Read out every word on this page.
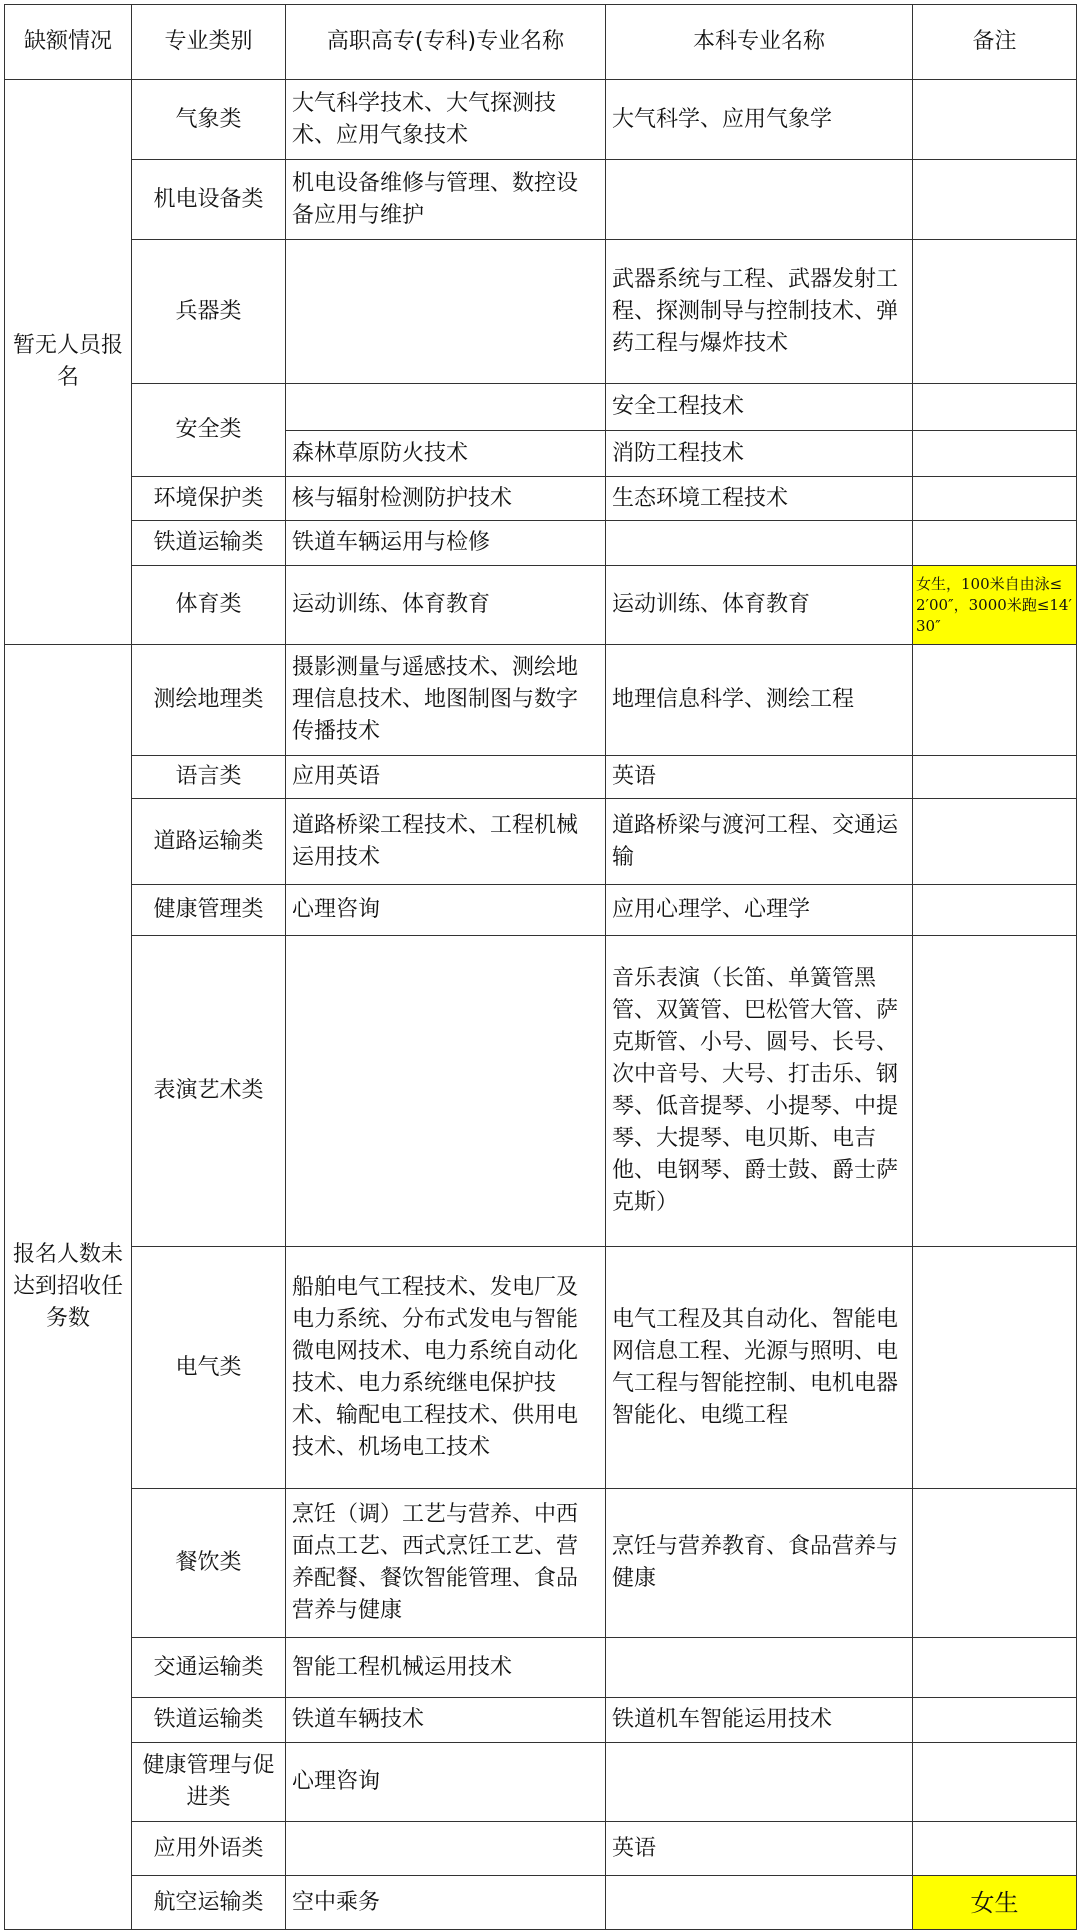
缺额情况	专业类别	高职高专(专科)专业名称	本科专业名称	备注
暂无人员报名	气象类	大气科学技术、大气探测技术、应用气象技术	大气科学、应用气象学	
	机电设备类	机电设备维修与管理、数控设备应用与维护		
	兵器类		武器系统与工程、武器发射工程、探测制导与控制技术、弹药工程与爆炸技术	
	安全类		安全工程技术	
		森林草原防火技术	消防工程技术	
	环境保护类	核与辐射检测防护技术	生态环境工程技术	
	铁道运输类	铁道车辆运用与检修		
	体育类	运动训练、体育教育	运动训练、体育教育	女生，100米自由泳≤2′00″，3000米跑≤14′30″
报名人数未达到招收任务数	测绘地理类	摄影测量与遥感技术、测绘地理信息技术、地图制图与数字传播技术	地理信息科学、测绘工程	
	语言类	应用英语	英语	
	道路运输类	道路桥梁工程技术、工程机械运用技术	道路桥梁与渡河工程、交通运输	
	健康管理类	心理咨询	应用心理学、心理学	
	表演艺术类		音乐表演（长笛、单簧管黑管、双簧管、巴松管大管、萨克斯管、小号、圆号、长号、次中音号、大号、打击乐、钢琴、低音提琴、小提琴、中提琴、大提琴、电贝斯、电吉他、电钢琴、爵士鼓、爵士萨克斯）	
	电气类	船舶电气工程技术、发电厂及电力系统、分布式发电与智能微电网技术、电力系统自动化技术、电力系统继电保护技术、输配电工程技术、供用电技术、机场电工技术	电气工程及其自动化、智能电网信息工程、光源与照明、电气工程与智能控制、电机电器智能化、电缆工程	
	餐饮类	烹饪（调）工艺与营养、中西面点工艺、西式烹饪工艺、营养配餐、餐饮智能管理、食品营养与健康	烹饪与营养教育、食品营养与健康	
	交通运输类	智能工程机械运用技术		
	铁道运输类	铁道车辆技术	铁道机车智能运用技术	
	健康管理与促进类	心理咨询		
	应用外语类		英语	
	航空运输类	空中乘务		女生
